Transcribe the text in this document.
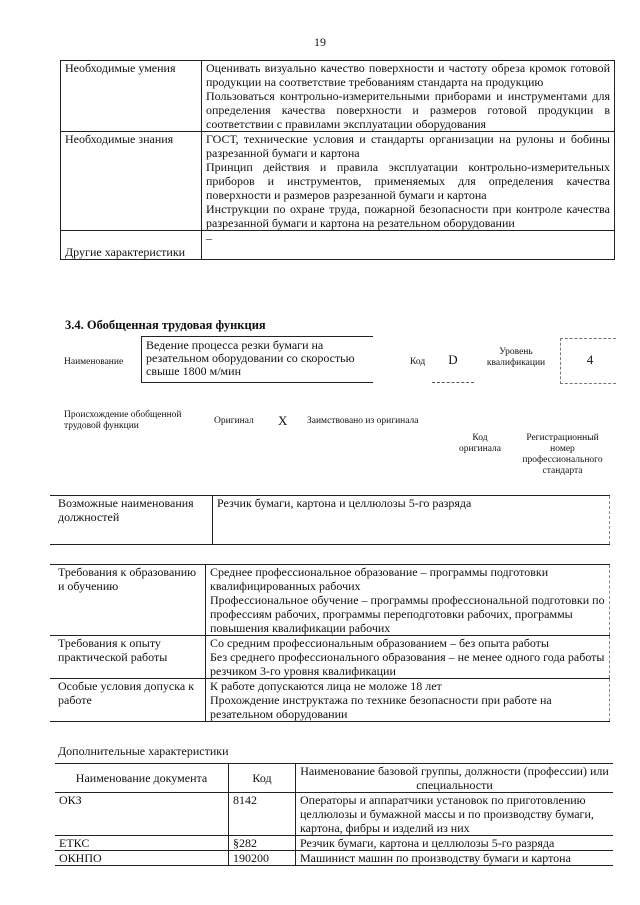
19
Необходимые умения	Оценивать визуально качество поверхности и частоту обреза кромок готовой продукции на соответствие требованиям стандарта на продукцию

Пользоваться контрольно-измерительными приборами и инструментами для определения качества поверхности и размеров готовой продукции в соответствии с правилами эксплуатации оборудования

Необходимые знания	ГОСТ, технические условия и стандарты организации на рулоны и бобины разрезанной бумаги и картона

Принцип действия и правила эксплуатации контрольно-измерительных приборов и инструментов, применяемых для определения качества поверхности и размеров разрезанной бумаги и картона

Инструкции по охране труда, пожарной безопасности при контроле качества разрезанной бумаги и картона на резательном оборудовании

Другие характеристики	–

3.4. Обобщенная трудовая функция
Наименование
Ведение процесса резки бумаги на резательном оборудовании со скоростью свыше 1800 м/мин
Код	D	Уровень квалификации	4
Происхождение обобщенной трудовой функции	Оригинал X Заимствовано из оригинала
Код оригинала
Регистрационный номер профессионального стандарта
Возможные наименования должностей	Резчик бумаги, картона и целлюлозы 5-го разряда
Требования к образованию и обучению	Среднее профессиональное образование – программы подготовки квалифицированных рабочих

Профессиональное обучение – программы профессиональной подготовки по профессиям рабочих, программы переподготовки рабочих, программы повышения квалификации рабочих

Требования к опыту практической работы	Со средним профессиональным образованием – без опыта работы

Без среднего профессионального образования – не менее одного года работы резчиком 3-го уровня квалификации

Особые условия допуска к работе	К работе допускаются лица не моложе 18 лет

Прохождение инструктажа по технике безопасности при работе на резательном оборудовании

Дополнительные характеристики
Наименование документа	Код	Наименование базовой группы, должности (профессии) или специальности
ОКЗ	8142	Операторы и аппаратчики установок по приготовлению целлюлозы и бумажной массы и по производству бумаги, картона, фибры и изделий из них
ЕТКС	§282	Резчик бумаги, картона и целлюлозы 5-го разряда
ОКНПО	190200	Машинист машин по производству бумаги и картона
